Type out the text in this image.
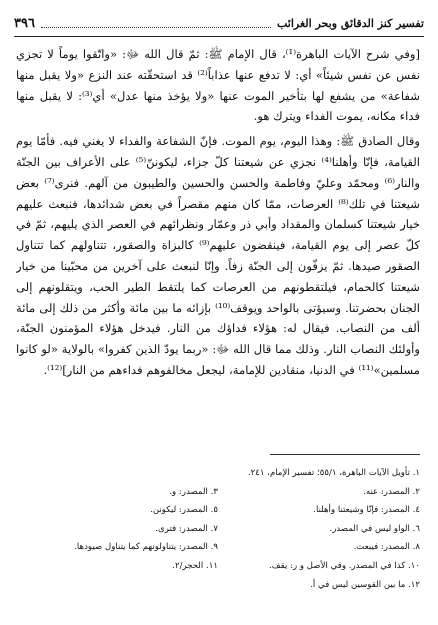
تفسير كنز الدقائق وبحر الغرائب
٣٩٦

[وفي شرح الآيات الباهرة⁽¹⁾، قال الإمام ﷺ: ثمّ قال الله ﷻ: «واتّقوا يوماً لا تجزي نفس عن نفس شيئاً» أي: لا تدفع عنها عذاباً⁽²⁾ قد استحقّته عند النزع «ولا يقبل منها شفاعة» من يشفع لها بتأخير الموت عنها «ولا يؤخذ منها عدل» أي⁽³⁾: لا يقبل منها فداء مكانه، يموت الفداء ويترك هو.

وقال الصادق ﷺ: وهذا اليوم، يوم الموت. فإنّ الشفاعة والفداء لا يغني فيه. فأمّا يوم القيامة، فإنّا وأهلنا⁽⁴⁾ نجزي عن شيعتنا كلّ جزاء، ليكوننّ⁽⁵⁾ على الأعراف بين الجنّة والنار⁽⁶⁾ ومحمّد وعليّ وفاطمة والحسن والحسين والطيبون من آلهم. فنرى⁽⁷⁾ بعض شيعتنا في تلك⁽⁸⁾ العرصات، ممّا كان منهم مقصراً في بعض شدائدها، فنبعث عليهم خيار شيعتنا كسلمان والمقداد وأبي ذر وعمّار ونظرائهم في العصر الذي يليهم، ثمّ في كلّ عصر إلى يوم القيامة، فينقضون عليهم⁽⁹⁾ كالبزاة والصقور، تتناولهم كما تتناول الصقور صيدها. ثمّ يزفّون إلى الجنّة زفاً. وإنّا لنبعث على آخرين من محبّينا من خيار شيعتنا كالحمام، فيلتقطونهم من العرصات كما يلتقط الطير الحب، ويتقلونهم إلى الجنان بحضرتنا. وسيؤتى بالواحد ويوقف⁽¹⁰⁾ بإزائه ما بين مائة وأكثر من ذلك إلى مائة ألف من النصاب. فيقال له: هؤلاء فداؤك من النار. فيدخل هؤلاء المؤمنون الجنّة، وأولئك النصاب النار. وذلك مما قال الله ﷻ: «ربما يودّ الذين كفروا» بالولاية «لو كانوا مسلمين»⁽¹¹⁾ في الدنيا، منقادين للإمامة، ليجعل مخالفوهم فداءهم من النار]⁽¹²⁾.

١. تأويل الآيات الباهرة، ٥٥/١؛ تفسير الإمام، ٢٤١.
٢. المصدر: عنه.
٣. المصدر: و.
٤. المصدر: فإنّا وشيعتنا وأهلنا.
٥. المصدر: ليكونن.
٦. الواو ليس في المصدر.
٧. المصدر: فترى.
٨. المصدر: فيبعث.
٩. المصدر: يتناولونهم كما يتناول صيودها.
١٠. كذا في المصدر. وفي الأصل و ر: يقف.
١١. الحجر/٢.
١٢. ما بين القوسين ليس في أ.
